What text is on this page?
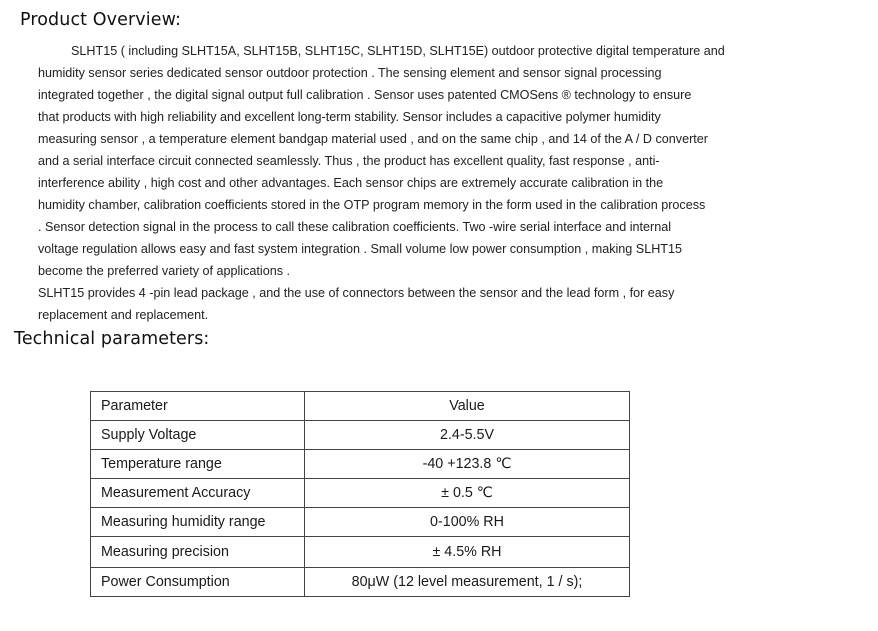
Product Overview:
SLHT15 ( including SLHT15A, SLHT15B, SLHT15C, SLHT15D, SLHT15E) outdoor protective digital temperature and
humidity sensor series dedicated sensor outdoor protection . The sensing element and sensor signal processing
integrated together , the digital signal output full calibration . Sensor uses patented CMOSens ® technology to ensure
that products with high reliability and excellent long-term stability. Sensor includes a capacitive polymer humidity
measuring sensor , a temperature element bandgap material used , and on the same chip , and 14 of the A / D converter
and a serial interface circuit connected seamlessly. Thus , the product has excellent quality, fast response , anti-
interference ability , high cost and other advantages. Each sensor chips are extremely accurate calibration in the
humidity chamber, calibration coefficients stored in the OTP program memory in the form used in the calibration process
. Sensor detection signal in the process to call these calibration coefficients. Two -wire serial interface and internal
voltage regulation allows easy and fast system integration . Small volume low power consumption , making SLHT15
become the preferred variety of applications .
SLHT15 provides 4 -pin lead package , and the use of connectors between the sensor and the lead form , for easy
replacement and replacement.
Technical parameters:
Parameter	Value
Supply Voltage	2.4-5.5V
Temperature range	-40 +123.8 ℃
Measurement Accuracy	± 0.5 ℃
Measuring humidity range	0-100% RH
Measuring precision	± 4.5% RH
Power Consumption	80μW (12 level measurement, 1 / s);
